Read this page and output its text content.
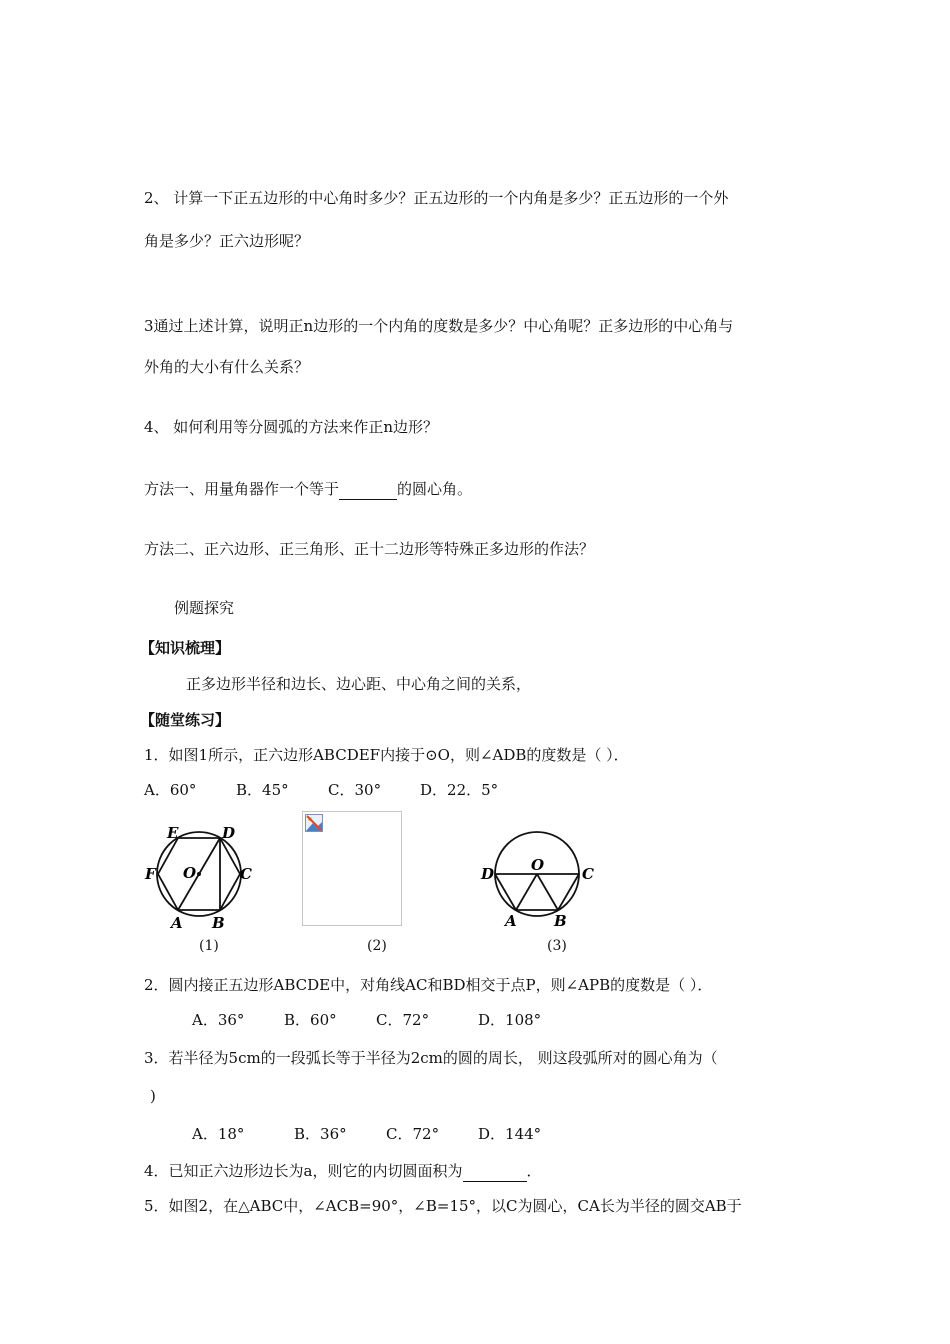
2、 计算一下正五边形的中心角时多少？正五边形的一个内角是多少？正五边形的一个外
角是多少？正六边形呢？
3通过上述计算，说明正n边形的一个内角的度数是多少？中心角呢？正多边形的中心角与
外角的大小有什么关系？
4、 如何利用等分圆弧的方法来作正n边形？
方法一、用量角器作一个等于	的圆心角。
方法二、正六边形、正三角形、正十二边形等特殊正多边形的作法？
例题探究
【知识梳理】
正多边形半径和边长、边心距、中心角之间的关系，
【随堂练习】
1．如图1所示，正六边形ABCDEF内接于⊙O，则∠ADB的度数是（ ）．
A．60°	B．45°	C．30°	D．22．5°
E	D
F O	C
A B
(1)	(2)
O
D	C
A B
(3)
2．圆内接正五边形ABCDE中，对角线AC和BD相交于点P，则∠APB的度数是（ ）．
A．36°	B．60°	C．72°	D．108°
3．若半径为5cm的一段弧长等于半径为2cm的圆的周长， 则这段弧所对的圆心角为（
)
A．18°	B．36°	C．72°	D．144°
4．已知正六边形边长为a，则它的内切圆面积为	．
5．如图2，在△ABC中，∠ACB=90°，∠B=15°，以C为圆心，CA长为半径的圆交AB于
